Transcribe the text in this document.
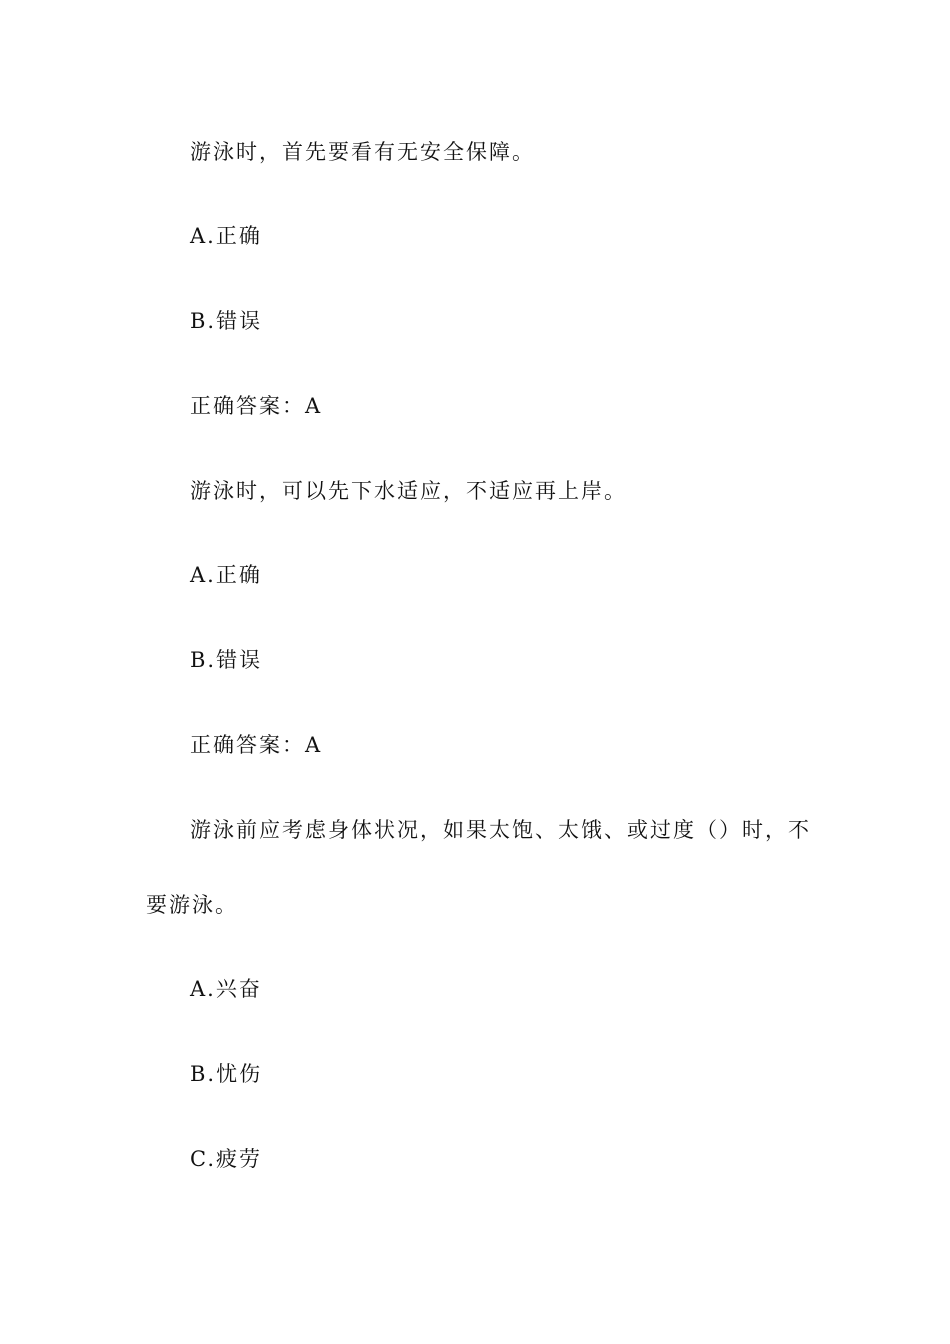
游泳时，首先要看有无安全保障。
A.正确
B.错误
正确答案：A
游泳时，可以先下水适应，不适应再上岸。
A.正确
B.错误
正确答案：A
游泳前应考虑身体状况，如果太饱、太饿、或过度（）时，不
要游泳。
A.兴奋
B.忧伤
C.疲劳
